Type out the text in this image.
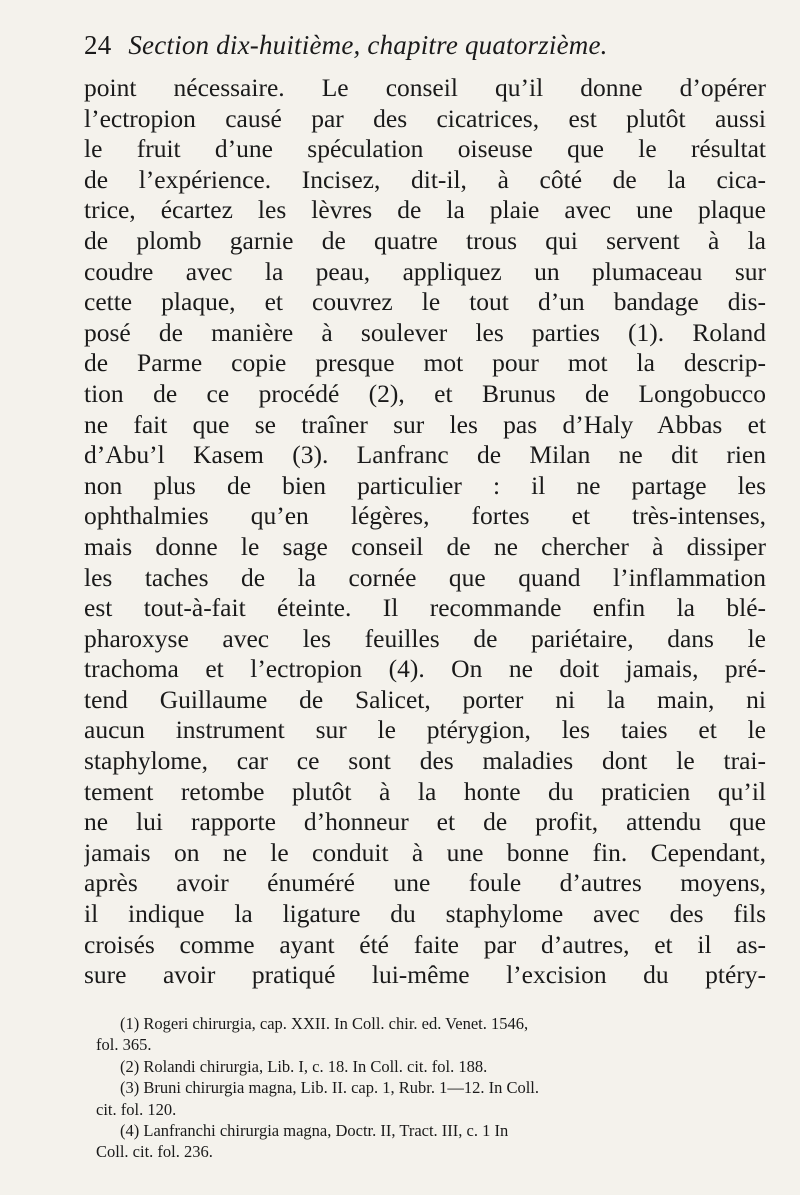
24 Section dix-huitième, chapitre quatorzième.
point nécessaire. Le conseil qu’il donne d’opérer
l’ectropion causé par des cicatrices, est plutôt aussi
le fruit d’une spéculation oiseuse que le résultat
de l’expérience. Incisez, dit-il, à côté de la cica-
trice, écartez les lèvres de la plaie avec une plaque
de plomb garnie de quatre trous qui servent à la
coudre avec la peau, appliquez un plumaceau sur
cette plaque, et couvrez le tout d’un bandage dis-
posé de manière à soulever les parties (1). Roland
de Parme copie presque mot pour mot la descrip-
tion de ce procédé (2), et Brunus de Longobucco
ne fait que se traîner sur les pas d’Haly Abbas et
d’Abu’l Kasem (3). Lanfranc de Milan ne dit rien
non plus de bien particulier : il ne partage les
ophthalmies qu’en légères, fortes et très-intenses,
mais donne le sage conseil de ne chercher à dissiper
les taches de la cornée que quand l’inflammation
est tout-à-fait éteinte. Il recommande enfin la blé-
pharoxyse avec les feuilles de pariétaire, dans le
trachoma et l’ectropion (4). On ne doit jamais, pré-
tend Guillaume de Salicet, porter ni la main, ni
aucun instrument sur le ptérygion, les taies et le
staphylome, car ce sont des maladies dont le trai-
tement retombe plutôt à la honte du praticien qu’il
ne lui rapporte d’honneur et de profit, attendu que
jamais on ne le conduit à une bonne fin. Cependant,
après avoir énuméré une foule d’autres moyens,
il indique la ligature du staphylome avec des fils
croisés comme ayant été faite par d’autres, et il as-
sure avoir pratiqué lui-même l’excision du ptéry-
(1) Rogeri chirurgia, cap. XXII. In Coll. chir. ed. Venet. 1546,
fol. 365.
(2) Rolandi chirurgia, Lib. I, c. 18. In Coll. cit. fol. 188.
(3) Bruni chirurgia magna, Lib. II. cap. 1, Rubr. 1—12. In Coll.
cit. fol. 120.
(4) Lanfranchi chirurgia magna, Doctr. II, Tract. III, c. 1 In
Coll. cit. fol. 236.
